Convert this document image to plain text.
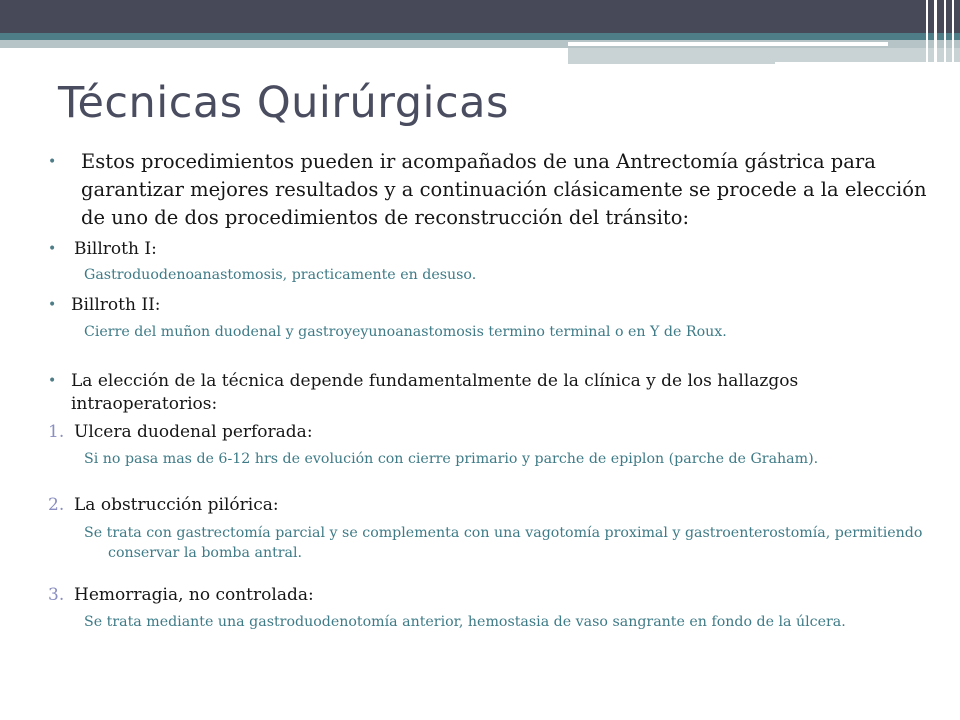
Técnicas Quirúrgicas
• Estos procedimientos pueden ir acompañados de una Antrectomía gástrica para garantizar mejores resultados y a continuación clásicamente se procede a la elección de uno de dos procedimientos de reconstrucción del tránsito:
• Billroth I:
Gastroduodenoanastomosis, practicamente en desuso.
• Billroth II:
Cierre del muñon duodenal y gastroyeyunoanastomosis termino terminal o en Y de Roux.
• La elección de la técnica depende fundamentalmente de la clínica y de los hallazgos intraoperatorios:
1. Ulcera duodenal perforada:
Si no pasa mas de 6-12 hrs de evolución con cierre primario y parche de epiplon (parche de Graham).
2. La obstrucción pilórica:
Se trata con gastrectomía parcial y se complementa con una vagotomía proximal y gastroenterostomía, permitiendo conservar la bomba antral.
3. Hemorragia, no controlada:
Se trata mediante una gastroduodenotomía anterior, hemostasia de vaso sangrante en fondo de la úlcera.
